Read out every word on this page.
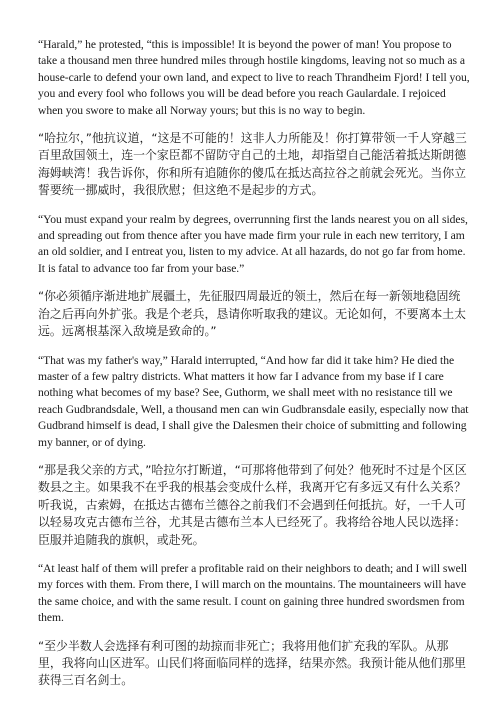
“Harald,” he protested, “this is impossible! It is beyond the power of man! You propose to take a thousand men three hundred miles through hostile kingdoms, leaving not so much as a house-carle to defend your own land, and expect to live to reach Thrandheim Fjord! I tell you, you and every fool who follows you will be dead before you reach Gaulardale. I rejoiced when you swore to make all Norway yours; but this is no way to begin.

“哈拉尔，”他抗议道，“这是不可能的！这非人力所能及！你打算带领一千人穿越三百里敌国领土，连一个家臣都不留防守自己的土地，却指望自己能活着抵达斯朗德海姆峡湾！我告诉你，你和所有追随你的傻瓜在抵达高拉谷之前就会死光。当你立誓要统一挪威时，我很欣慰；但这绝不是起步的方式。

“You must expand your realm by degrees, overrunning first the lands nearest you on all sides, and spreading out from thence after you have made firm your rule in each new territory, I am an old soldier, and I entreat you, listen to my advice. At all hazards, do not go far from home. It is fatal to advance too far from your base.”

“你必须循序渐进地扩展疆土，先征服四周最近的领土，然后在每一新领地稳固统治之后再向外扩张。我是个老兵，恳请你听取我的建议。无论如何，不要离本土太远。远离根基深入敌境是致命的。”

“That was my father's way,” Harald interrupted, “And how far did it take him? He died the master of a few paltry districts. What matters it how far I advance from my base if I care nothing what becomes of my base? See, Guthorm, we shall meet with no resistance till we reach Gudbrandsdale, Well, a thousand men can win Gudbransdale easily, especially now that Gudbrand himself is dead, I shall give the Dalesmen their choice of submitting and following my banner, or of dying.

“那是我父亲的方式，”哈拉尔打断道，“可那将他带到了何处？他死时不过是个区区数县之主。如果我不在乎我的根基会变成什么样，我离开它有多远又有什么关系？听我说，古索姆，在抵达古德布兰德谷之前我们不会遇到任何抵抗。好，一千人可以轻易攻克古德布兰谷，尤其是古德布兰本人已经死了。我将给谷地人民以选择：臣服并追随我的旗帜，或赴死。

“At least half of them will prefer a profitable raid on their neighbors to death; and I will swell my forces with them. From there, I will march on the mountains. The mountaineers will have the same choice, and with the same result. I count on gaining three hundred swordsmen from them.

“至少半数人会选择有利可图的劫掠而非死亡；我将用他们扩充我的军队。从那里，我将向山区进军。山民们将面临同样的选择，结果亦然。我预计能从他们那里获得三百名剑士。
